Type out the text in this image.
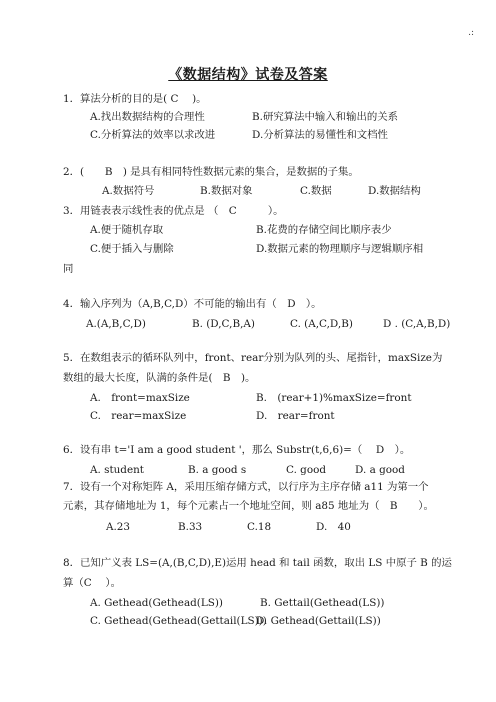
.:
《数据结构》试卷及答案
1．算法分析的目的是( C　 )。
A.找出数据结构的合理性	B.研究算法中输入和输出的关系
C.分析算法的效率以求改进	D.分析算法的易懂性和文档性
2．(　　B　) 是具有相同特性数据元素的集合，是数据的子集。
A.数据符号	B.数据对象	C.数据	D.数据结构
3．用链表表示线性表的优点是 （　C　　　）。
A.便于随机存取	B.花费的存储空间比顺序表少
C.便于插入与删除	D.数据元素的物理顺序与逻辑顺序相
同
4．输入序列为（A,B,C,D）不可能的输出有（　D　）。
A.(A,B,C,D)	B. (D,C,B,A)	C. (A,C,D,B)	D . (C,A,B,D)
5．在数组表示的循环队列中，front、rear分别为队列的头、尾指针，maxSize为
数组的最大长度，队满的条件是(　B　)。
A.　front=maxSize	B.　(rear+1)%maxSize=front
C.　rear=maxSize	D.　rear=front
6．设有串 t='I am a good student '，那么 Substr(t,6,6)=（　 D　）。
A. student	B. a good s	C. good	D. a good
7．设有一个对称矩阵 A，采用压缩存储方式，以行序为主序存储 a11 为第一个
元素，其存储地址为 1，每个元素占一个地址空间，则 a85 地址为（　B　　）。
A.23	B.33	C.18	D.　40
8．已知广义表 LS=(A,(B,C,D),E)运用 head 和 tail 函数，取出 LS 中原子 B 的运
算（C　 ）。
A. Gethead(Gethead(LS))	B. Gettail(Gethead(LS))
C. Gethead(Gethead(Gettail(LS)))
D. Gethead(Gettail(LS))
